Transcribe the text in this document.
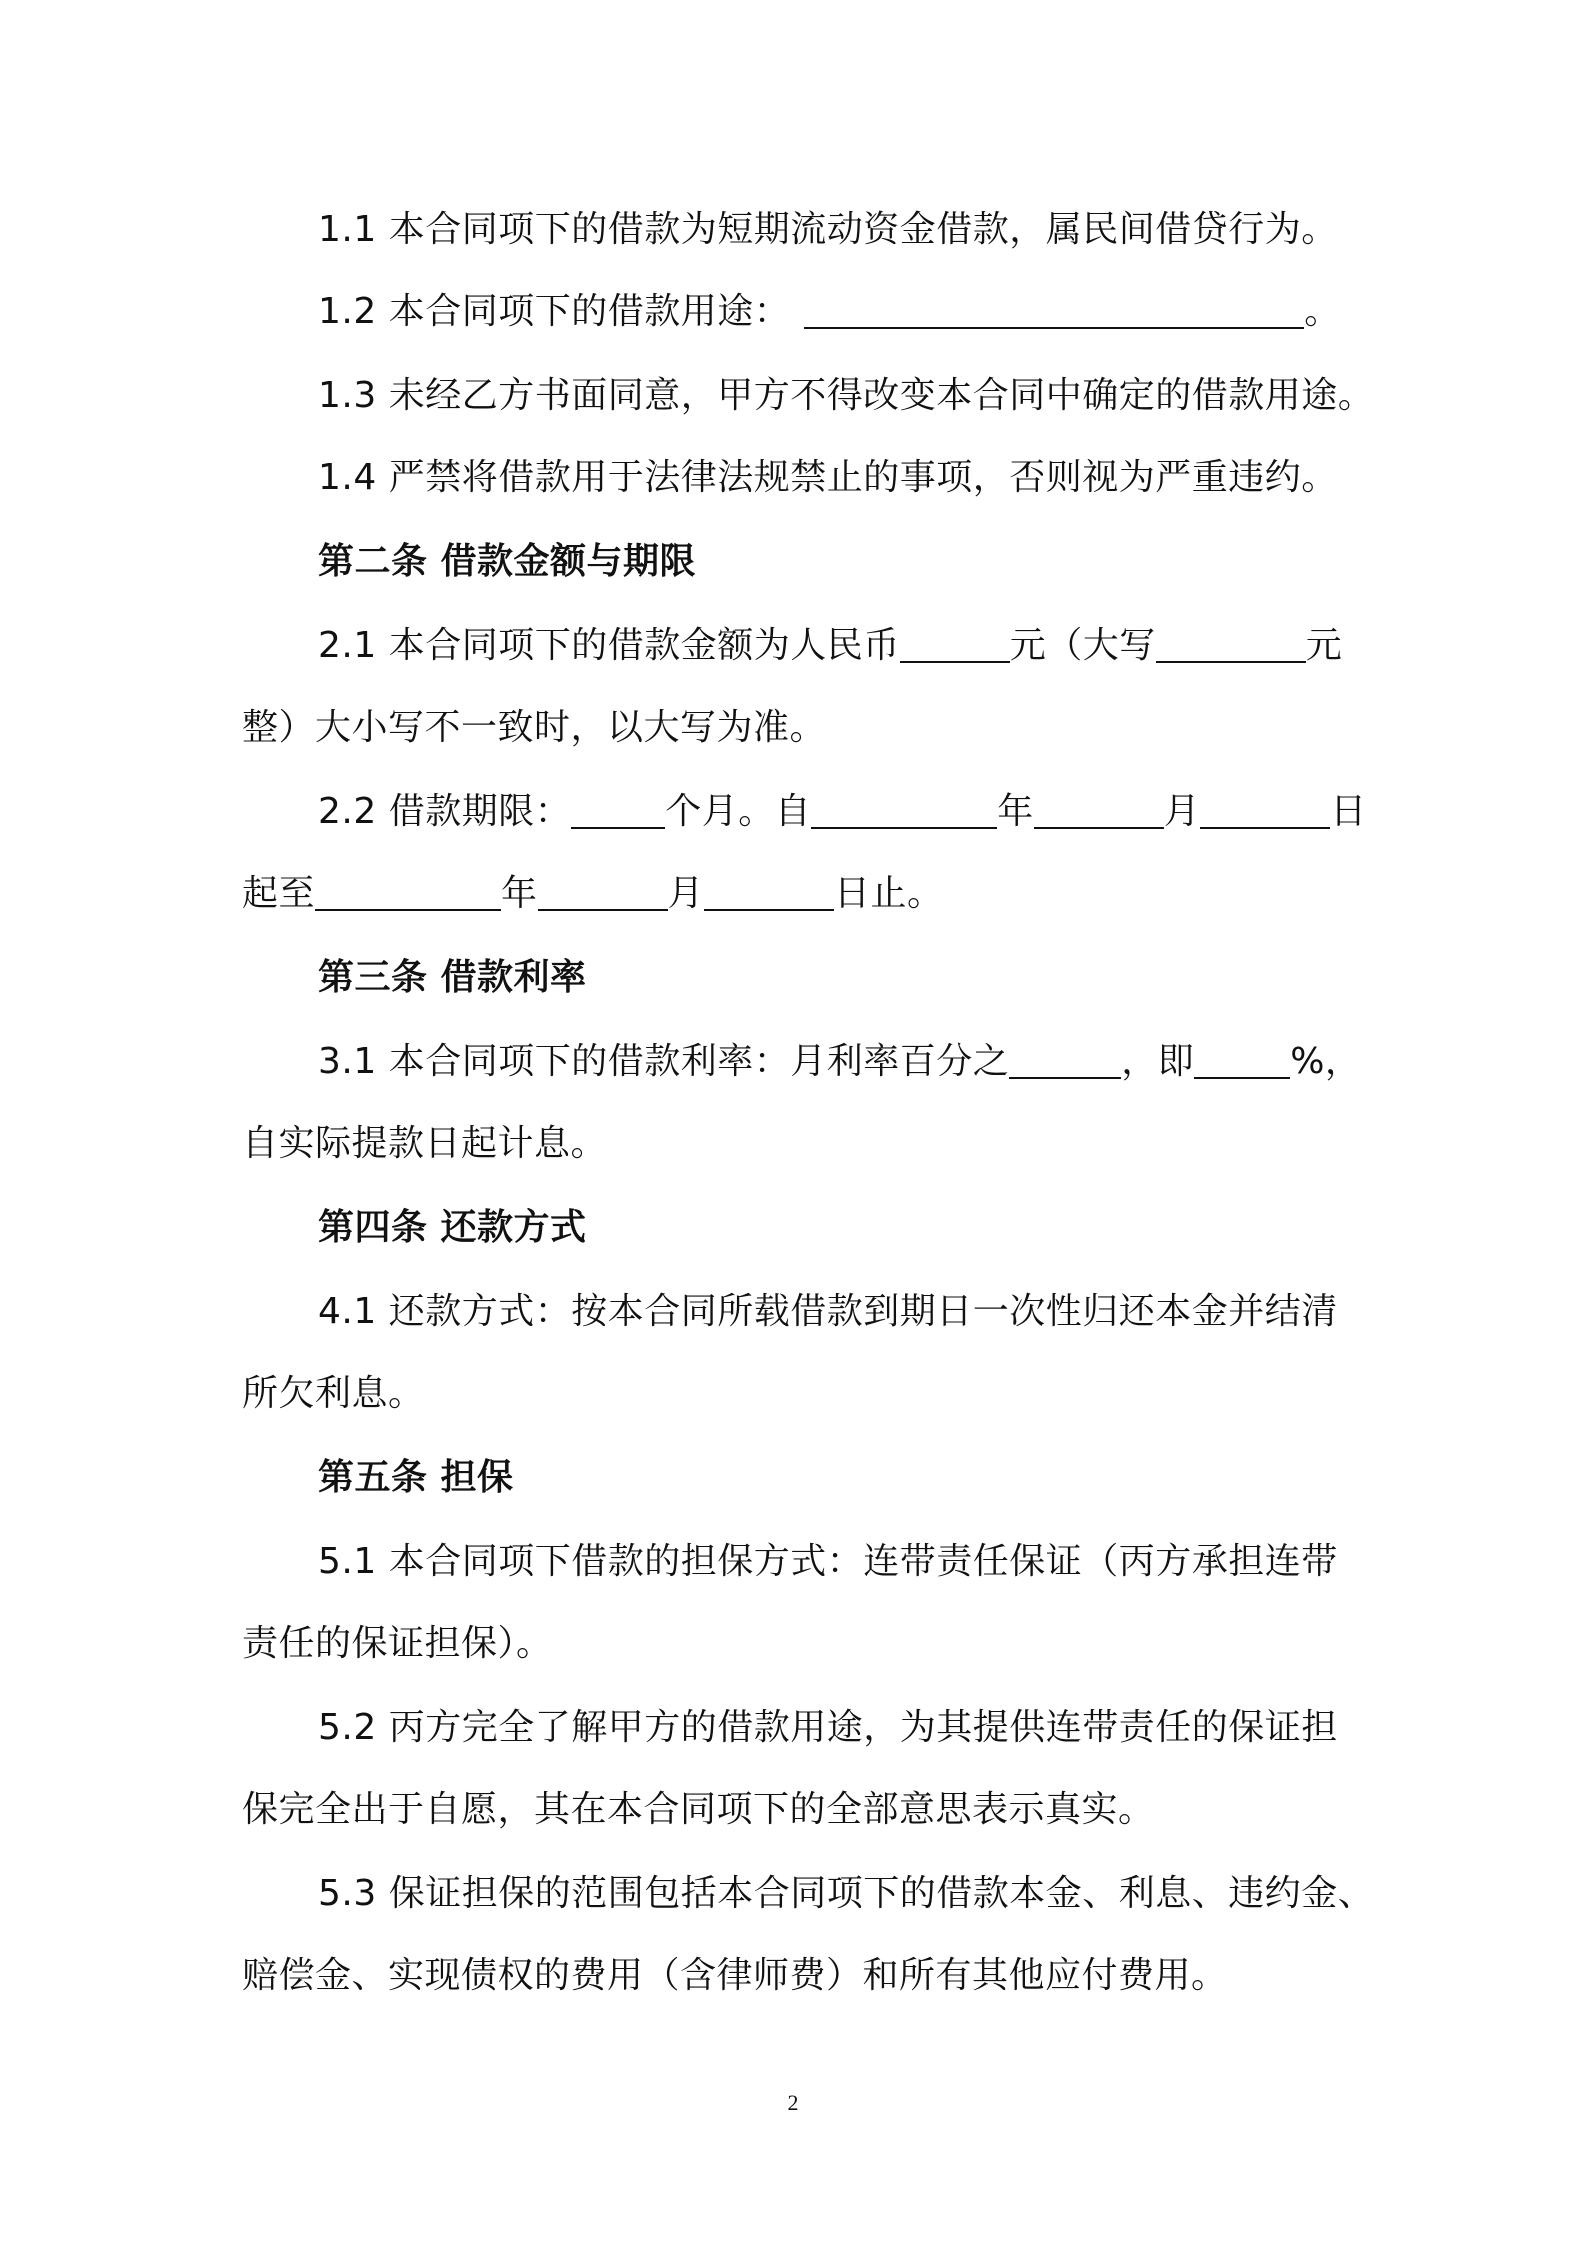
1.1 本合同项下的借款为短期流动资金借款，属民间借贷行为。
1.2 本合同项下的借款用途：	。
1.3 未经乙方书面同意，甲方不得改变本合同中确定的借款用途。
1.4 严禁将借款用于法律法规禁止的事项，否则视为严重违约。
第二条 借款金额与期限
2.1 本合同项下的借款金额为人民币	元（大写	元
整）大小写不一致时，以大写为准。
2.2 借款期限：	个月。自	年	月	日
起至	年	月	日止。
第三条 借款利率
3.1 本合同项下的借款利率：月利率百分之	，即	%，
自实际提款日起计息。
第四条 还款方式
4.1 还款方式：按本合同所载借款到期日一次性归还本金并结清
所欠利息。
第五条 担保
5.1 本合同项下借款的担保方式：连带责任保证（丙方承担连带
责任的保证担保）。
5.2 丙方完全了解甲方的借款用途，为其提供连带责任的保证担
保完全出于自愿，其在本合同项下的全部意思表示真实。
5.3 保证担保的范围包括本合同项下的借款本金、利息、违约金、
赔偿金、实现债权的费用（含律师费）和所有其他应付费用。
2
